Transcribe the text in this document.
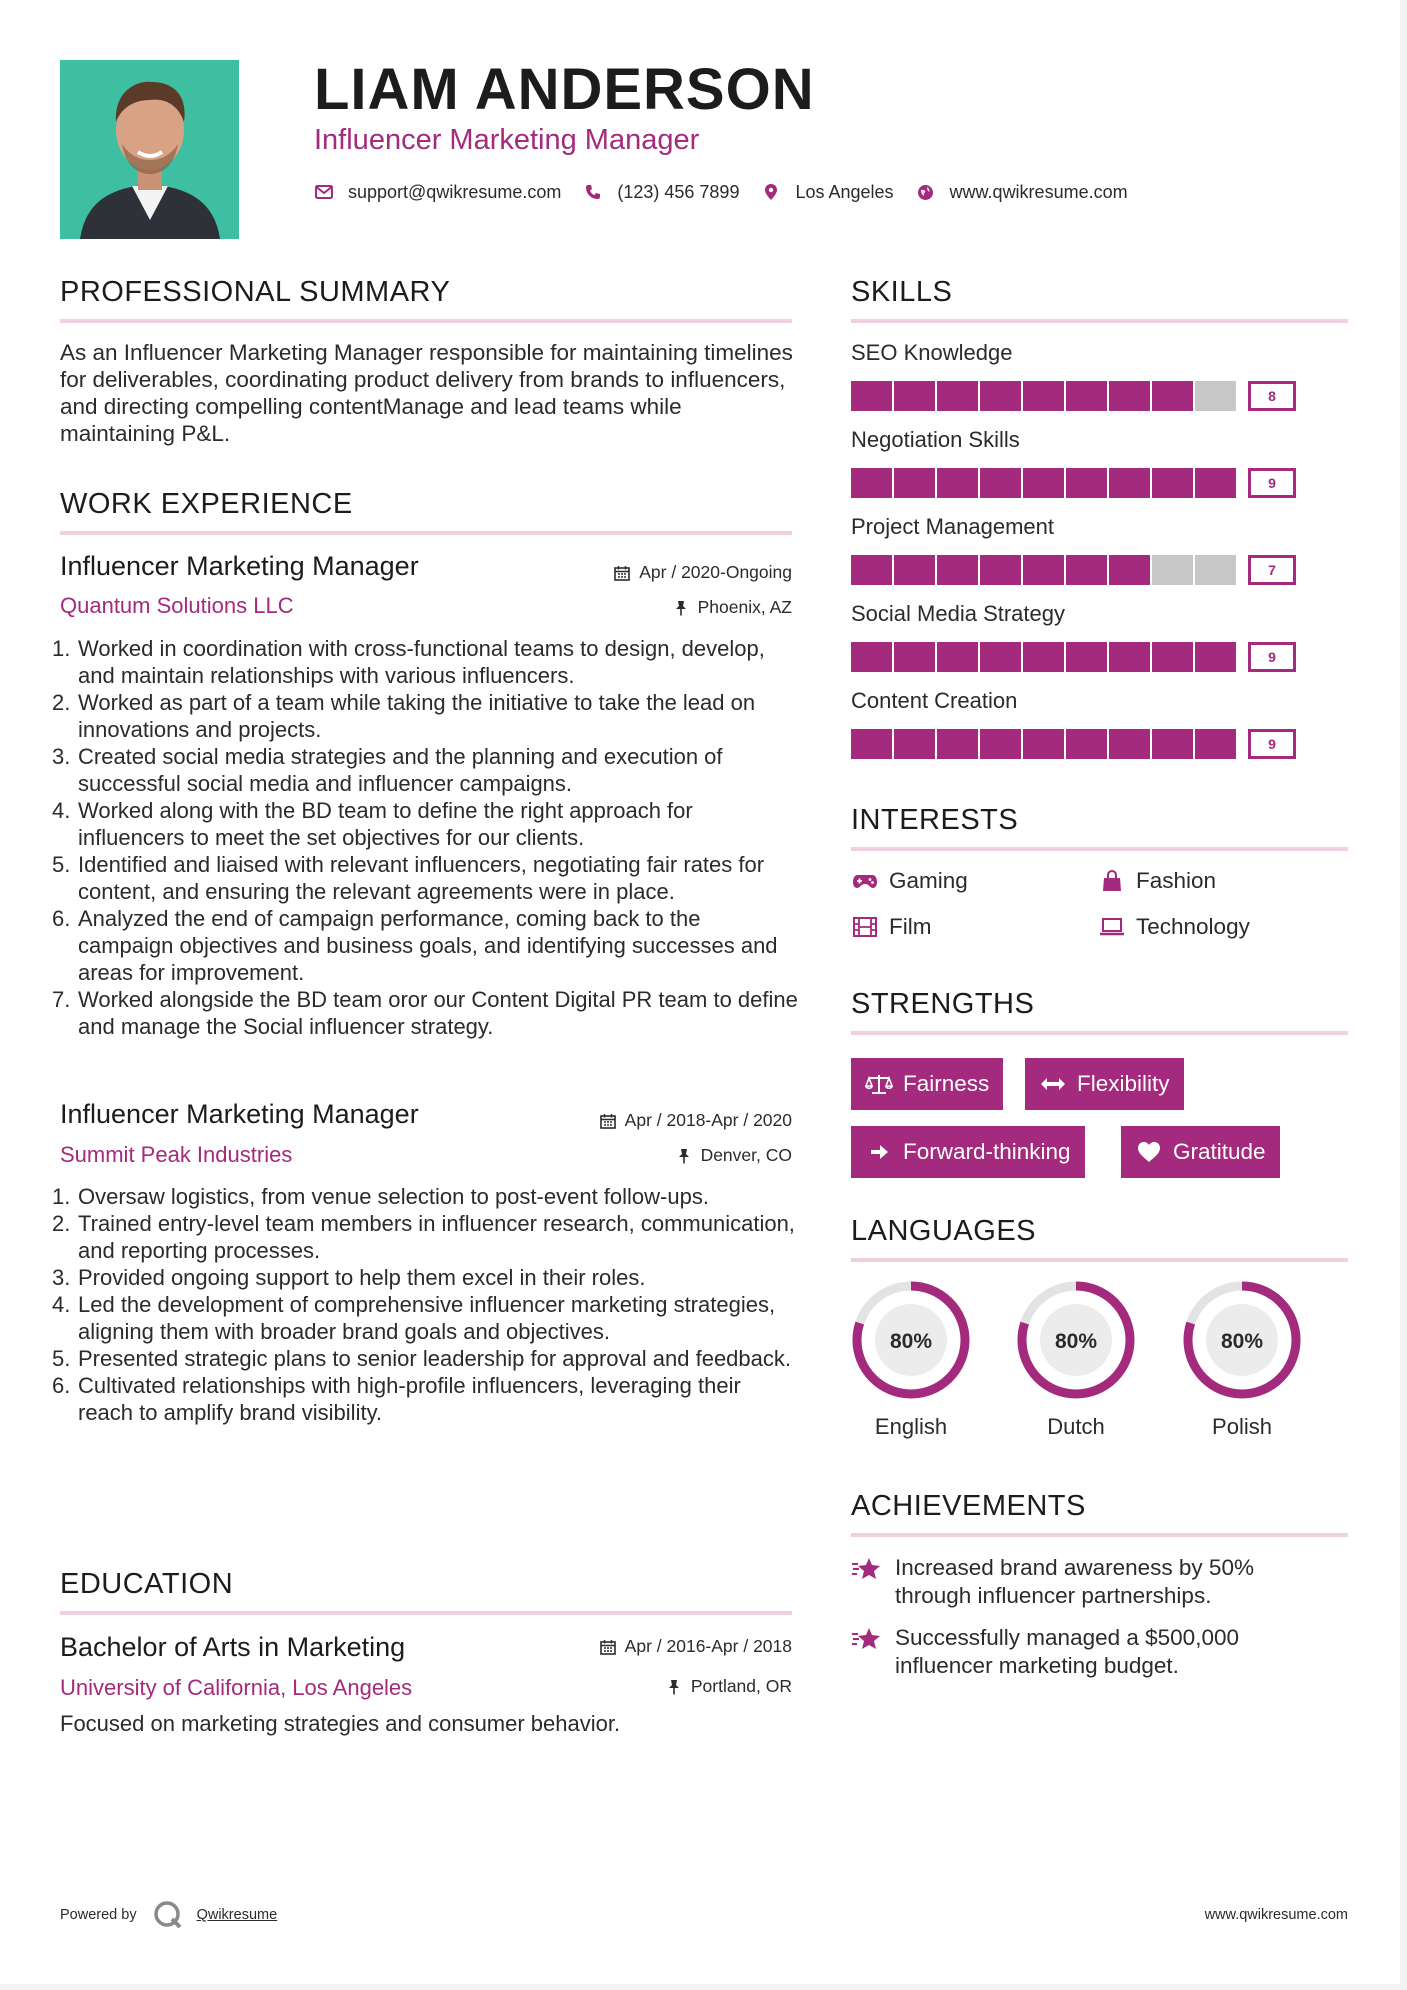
LIAM ANDERSON
Influencer Marketing Manager
support@qwikresume.com	(123) 456 7899	Los Angeles	www.qwikresume.com
PROFESSIONAL SUMMARY
As an Influencer Marketing Manager responsible for maintaining timelines for deliverables, coordinating product delivery from brands to influencers, and directing compelling contentManage and lead teams while maintaining P&L.
WORK EXPERIENCE
Influencer Marketing Manager	Apr / 2020-Ongoing
Quantum Solutions LLC	Phoenix, AZ
1. Worked in coordination with cross-functional teams to design, develop, and maintain relationships with various influencers.
2. Worked as part of a team while taking the initiative to take the lead on innovations and projects.
3. Created social media strategies and the planning and execution of successful social media and influencer campaigns.
4. Worked along with the BD team to define the right approach for influencers to meet the set objectives for our clients.
5. Identified and liaised with relevant influencers, negotiating fair rates for content, and ensuring the relevant agreements were in place.
6. Analyzed the end of campaign performance, coming back to the campaign objectives and business goals, and identifying successes and areas for improvement.
7. Worked alongside the BD team oror our Content Digital PR team to define and manage the Social influencer strategy.
Influencer Marketing Manager	Apr / 2018-Apr / 2020
Summit Peak Industries	Denver, CO
1. Oversaw logistics, from venue selection to post-event follow-ups.
2. Trained entry-level team members in influencer research, communication, and reporting processes.
3. Provided ongoing support to help them excel in their roles.
4. Led the development of comprehensive influencer marketing strategies, aligning them with broader brand goals and objectives.
5. Presented strategic plans to senior leadership for approval and feedback.
6. Cultivated relationships with high-profile influencers, leveraging their reach to amplify brand visibility.
EDUCATION
Bachelor of Arts in Marketing	Apr / 2016-Apr / 2018
University of California, Los Angeles	Portland, OR
Focused on marketing strategies and consumer behavior.
SKILLS
SEO Knowledge
8
Negotiation Skills
9
Project Management
7
Social Media Strategy
9
Content Creation
9
INTERESTS
Gaming	Fashion
Film	Technology
STRENGTHS
Fairness	Flexibility
Forward-thinking	Gratitude
LANGUAGES
80%
English
80%
Dutch
80%
Polish
ACHIEVEMENTS
Increased brand awareness by 50% through influencer partnerships.
Successfully managed a $500,000 influencer marketing budget.
Powered by	Qwikresume	www.qwikresume.com
